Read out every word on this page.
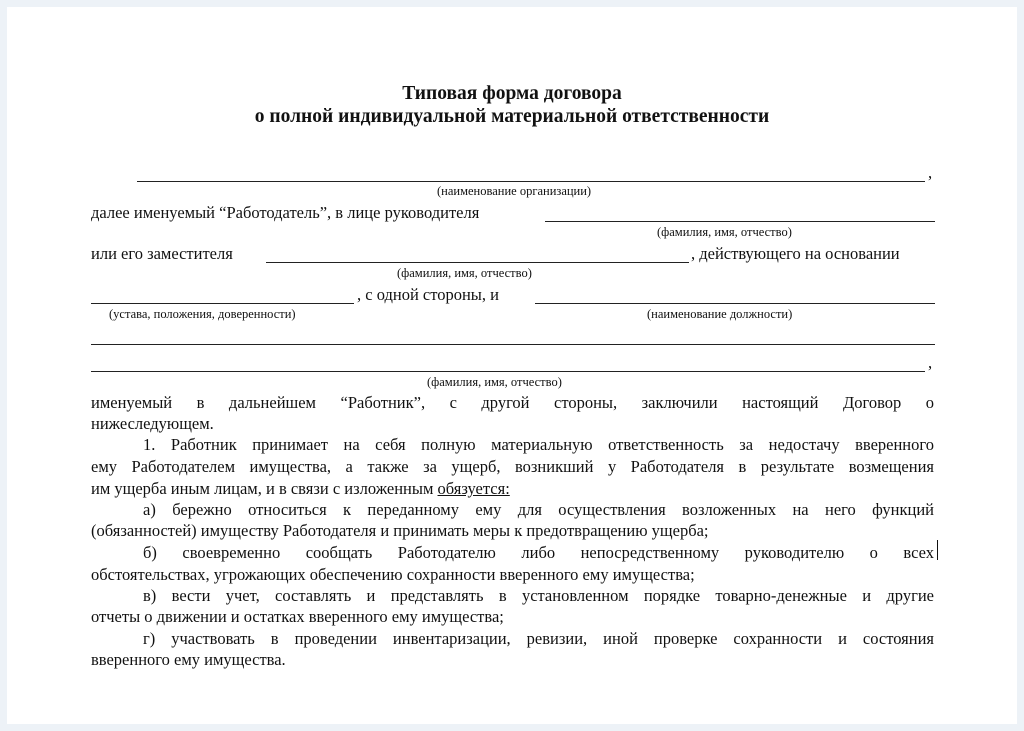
Типовая форма договора
о полной индивидуальной материальной ответственности
,
(наименование организации)
далее именуемый “Работодатель”, в лице руководителя
(фамилия, имя, отчество)
или его заместителя	, действующего на основании
(фамилия, имя, отчество)
, с одной стороны, и
(устава, положения, доверенности)	(наименование должности)
,
(фамилия, имя, отчество)
именуемый в дальнейшем “Работник”, с другой стороны, заключили настоящий Договор о
нижеследующем.
1. Работник принимает на себя полную материальную ответственность за недостачу вверенного
ему Работодателем имущества, а также за ущерб, возникший у Работодателя в результате возмещения
им ущерба иным лицам, и в связи с изложенным обязуется:
а) бережно относиться к переданному ему для осуществления возложенных на него функций
(обязанностей) имуществу Работодателя и принимать меры к предотвращению ущерба;
б) своевременно сообщать Работодателю либо непосредственному руководителю о всех
обстоятельствах, угрожающих обеспечению сохранности вверенного ему имущества;
в) вести учет, составлять и представлять в установленном порядке товарно-денежные и другие
отчеты о движении и остатках вверенного ему имущества;
г) участвовать в проведении инвентаризации, ревизии, иной проверке сохранности и состояния
вверенного ему имущества.
